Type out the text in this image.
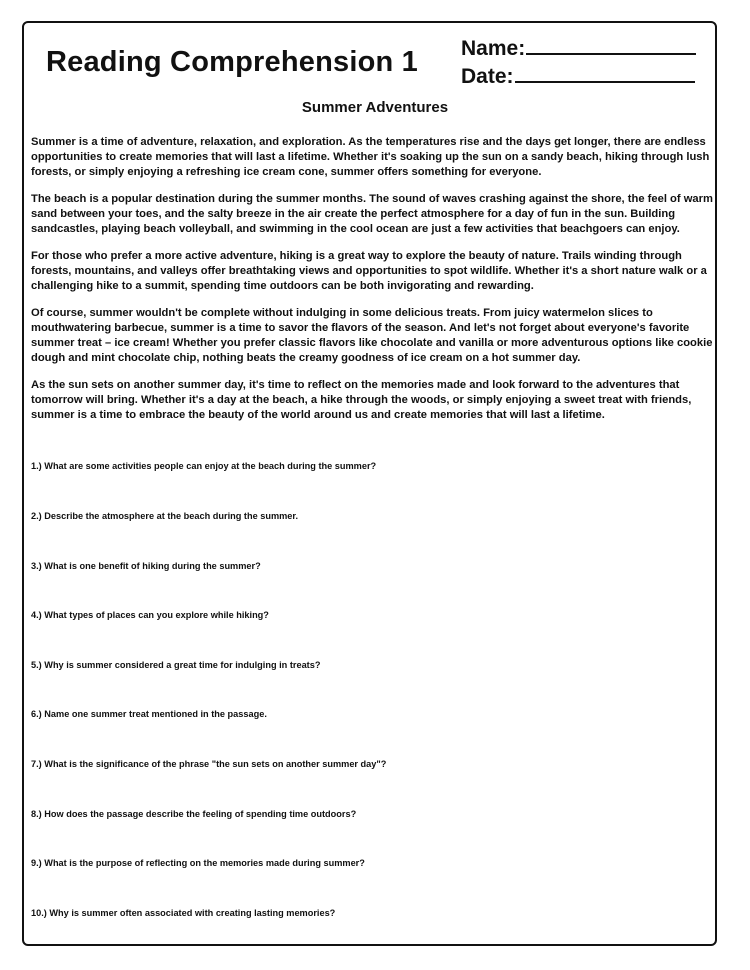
Reading Comprehension 1 Name:
Date:
Summer Adventures

Summer is a time of adventure, relaxation, and exploration. As the temperatures rise and the days get longer, there are endless opportunities to create memories that will last a lifetime. Whether it's soaking up the sun on a sandy beach, hiking through lush forests, or simply enjoying a refreshing ice cream cone, summer offers something for everyone.

The beach is a popular destination during the summer months. The sound of waves crashing against the shore, the feel of warm sand between your toes, and the salty breeze in the air create the perfect atmosphere for a day of fun in the sun. Building sandcastles, playing beach volleyball, and swimming in the cool ocean are just a few activities that beachgoers can enjoy.

For those who prefer a more active adventure, hiking is a great way to explore the beauty of nature. Trails winding through forests, mountains, and valleys offer breathtaking views and opportunities to spot wildlife. Whether it's a short nature walk or a challenging hike to a summit, spending time outdoors can be both invigorating and rewarding.

Of course, summer wouldn't be complete without indulging in some delicious treats. From juicy watermelon slices to mouthwatering barbecue, summer is a time to savor the flavors of the season. And let's not forget about everyone's favorite summer treat – ice cream! Whether you prefer classic flavors like chocolate and vanilla or more adventurous options like cookie dough and mint chocolate chip, nothing beats the creamy goodness of ice cream on a hot summer day.

As the sun sets on another summer day, it's time to reflect on the memories made and look forward to the adventures that tomorrow will bring. Whether it's a day at the beach, a hike through the woods, or simply enjoying a sweet treat with friends, summer is a time to embrace the beauty of the world around us and create memories that will last a lifetime.

1.) What are some activities people can enjoy at the beach during the summer?
2.) Describe the atmosphere at the beach during the summer.
3.) What is one benefit of hiking during the summer?
4.) What types of places can you explore while hiking?
5.) Why is summer considered a great time for indulging in treats?
6.) Name one summer treat mentioned in the passage.
7.) What is the significance of the phrase "the sun sets on another summer day"?
8.) How does the passage describe the feeling of spending time outdoors?
9.) What is the purpose of reflecting on the memories made during summer?
10.) Why is summer often associated with creating lasting memories?
